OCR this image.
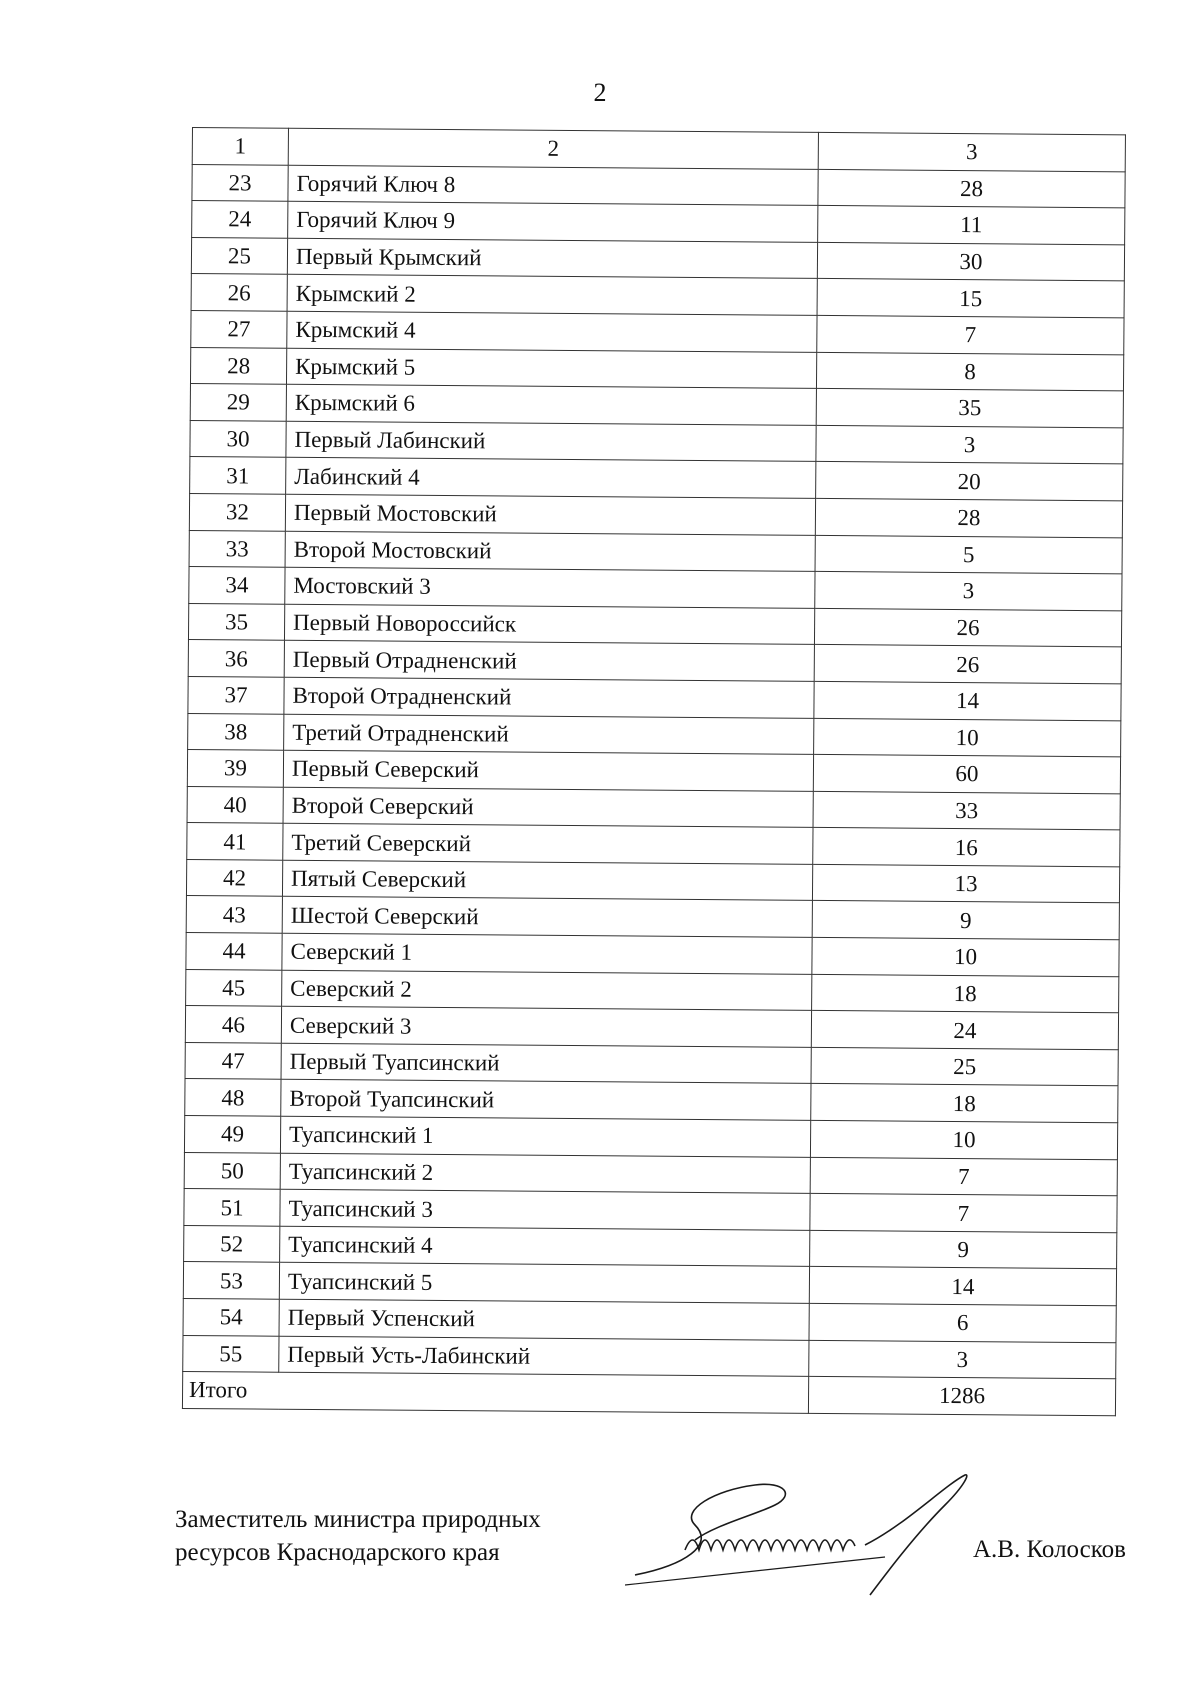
2
1	2	3
23	Горячий Ключ 8	28
24	Горячий Ключ 9	11
25	Первый Крымский	30
26	Крымский 2	15
27	Крымский 4	7
28	Крымский 5	8
29	Крымский 6	35
30	Первый Лабинский	3
31	Лабинский 4	20
32	Первый Мостовский	28
33	Второй Мостовский	5
34	Мостовский 3	3
35	Первый Новороссийск	26
36	Первый Отрадненский	26
37	Второй Отрадненский	14
38	Третий Отрадненский	10
39	Первый Северский	60
40	Второй Северский	33
41	Третий Северский	16
42	Пятый Северский	13
43	Шестой Северский	9
44	Северский 1	10
45	Северский 2	18
46	Северский 3	24
47	Первый Туапсинский	25
48	Второй Туапсинский	18
49	Туапсинский 1	10
50	Туапсинский 2	7
51	Туапсинский 3	7
52	Туапсинский 4	9
53	Туапсинский 5	14
54	Первый Успенский	6
55	Первый Усть-Лабинский	3
Итого		1286
Заместитель министра природных
ресурсов Краснодарского края	А.В. Колосков
